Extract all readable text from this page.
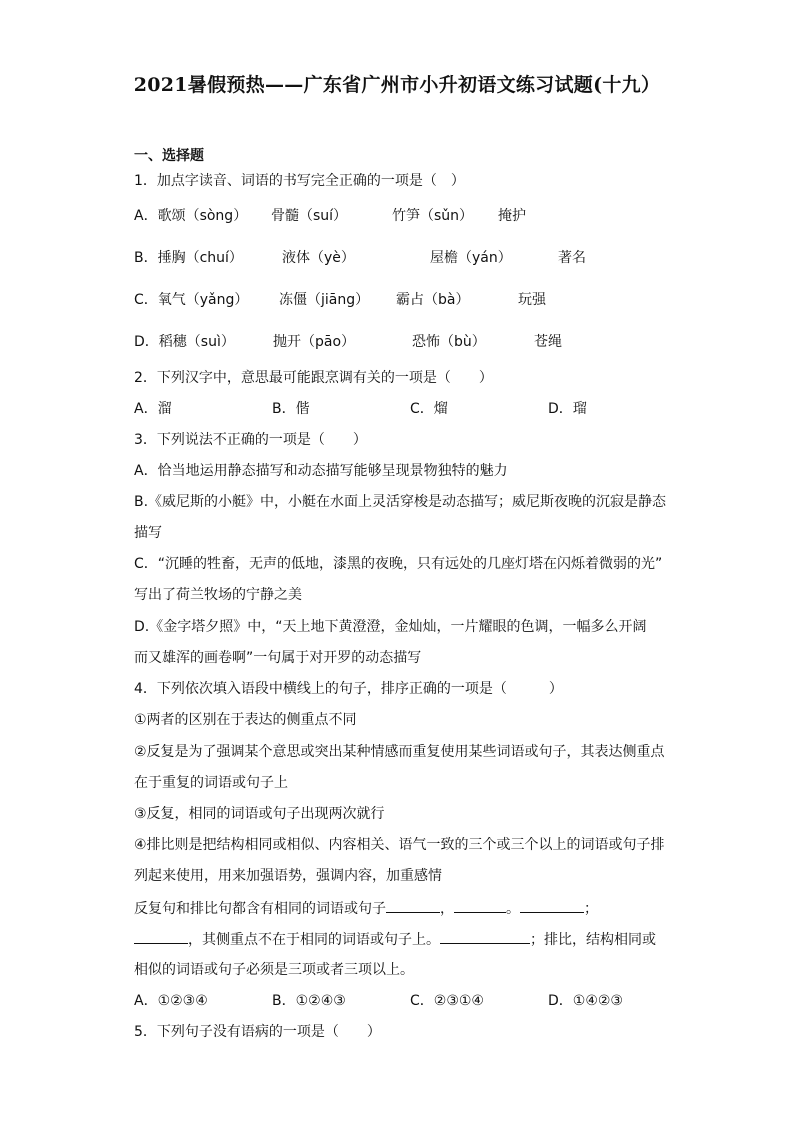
2021暑假预热——广东省广州市小升初语文练习试题(十九）
一、选择题
1．加点字读音、词语的书写完全正确的一项是（　）
A．歌颂（sòng） 骨髓（suí）	竹笋（sǔn） 掩护
B．捶胸（chuí）	液体（yè）	屋檐（yán）	著名
C．氧气（yǎng） 冻僵（jiāng） 霸占（bà）	玩强
D．稻穗（suì）	抛开（pāo）	恐怖（bù）	苍绳
2．下列汉字中，意思最可能跟烹调有关的一项是（　　）
A．溜	B．偕	C．熘	D．瑠
3．下列说法不正确的一项是（　　）
A．恰当地运用静态描写和动态描写能够呈现景物独特的魅力
B.《威尼斯的小艇》中，小艇在水面上灵活穿梭是动态描写；威尼斯夜晚的沉寂是静态
描写
C．“沉睡的牲畜，无声的低地，漆黑的夜晚，只有远处的几座灯塔在闪烁着微弱的光”
写出了荷兰牧场的宁静之美
D.《金字塔夕照》中，“天上地下黄澄澄，金灿灿，一片耀眼的色调，一幅多么开阔
而又雄浑的画卷啊”一句属于对开罗的动态描写
4．下列依次填入语段中横线上的句子，排序正确的一项是（　　　）
①两者的区别在于表达的侧重点不同
②反复是为了强调某个意思或突出某种情感而重复使用某些词语或句子，其表达侧重点
在于重复的词语或句子上
③反复，相同的词语或句子出现两次就行
④排比则是把结构相同或相似、内容相关、语气一致的三个或三个以上的词语或句子排
列起来使用，用来加强语势，强调内容，加重感情
反复句和排比句都含有相同的词语或句子	，	。	；
，其侧重点不在于相同的词语或句子上。	；排比，结构相同或
相似的词语或句子必须是三项或者三项以上。
A．①②③④	B．①②④③	C．②③①④	D．①④②③
5．下列句子没有语病的一项是（　　）
